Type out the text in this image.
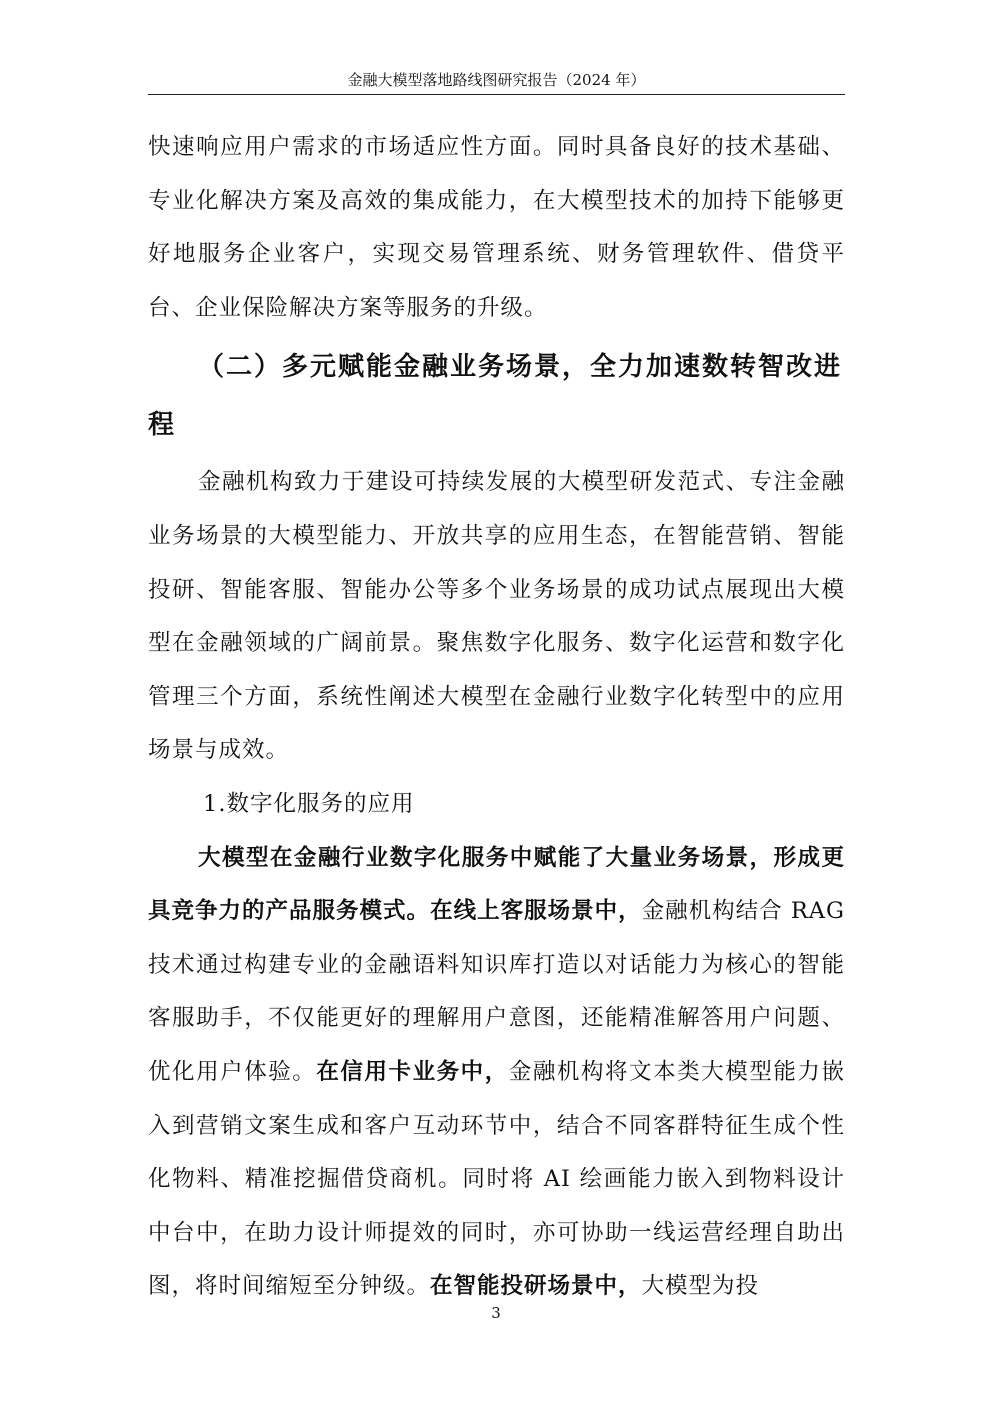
金融大模型落地路线图研究报告（2024 年）

快速响应用户需求的市场适应性方面。同时具备良好的技术基础、专业化解决方案及高效的集成能力，在大模型技术的加持下能够更好地服务企业客户，实现交易管理系统、财务管理软件、借贷平台、企业保险解决方案等服务的升级。

（二）多元赋能金融业务场景，全力加速数转智改进程

金融机构致力于建设可持续发展的大模型研发范式、专注金融业务场景的大模型能力、开放共享的应用生态，在智能营销、智能投研、智能客服、智能办公等多个业务场景的成功试点展现出大模型在金融领域的广阔前景。聚焦数字化服务、数字化运营和数字化管理三个方面，系统性阐述大模型在金融行业数字化转型中的应用场景与成效。

1.数字化服务的应用

大模型在金融行业数字化服务中赋能了大量业务场景，形成更具竞争力的产品服务模式。在线上客服场景中，金融机构结合 RAG 技术通过构建专业的金融语料知识库打造以对话能力为核心的智能客服助手，不仅能更好的理解用户意图，还能精准解答用户问题、优化用户体验。在信用卡业务中，金融机构将文本类大模型能力嵌入到营销文案生成和客户互动环节中，结合不同客群特征生成个性化物料、精准挖掘借贷商机。同时将 AI 绘画能力嵌入到物料设计中台中，在助力设计师提效的同时，亦可协助一线运营经理自助出图，将时间缩短至分钟级。在智能投研场景中，大模型为投

3
